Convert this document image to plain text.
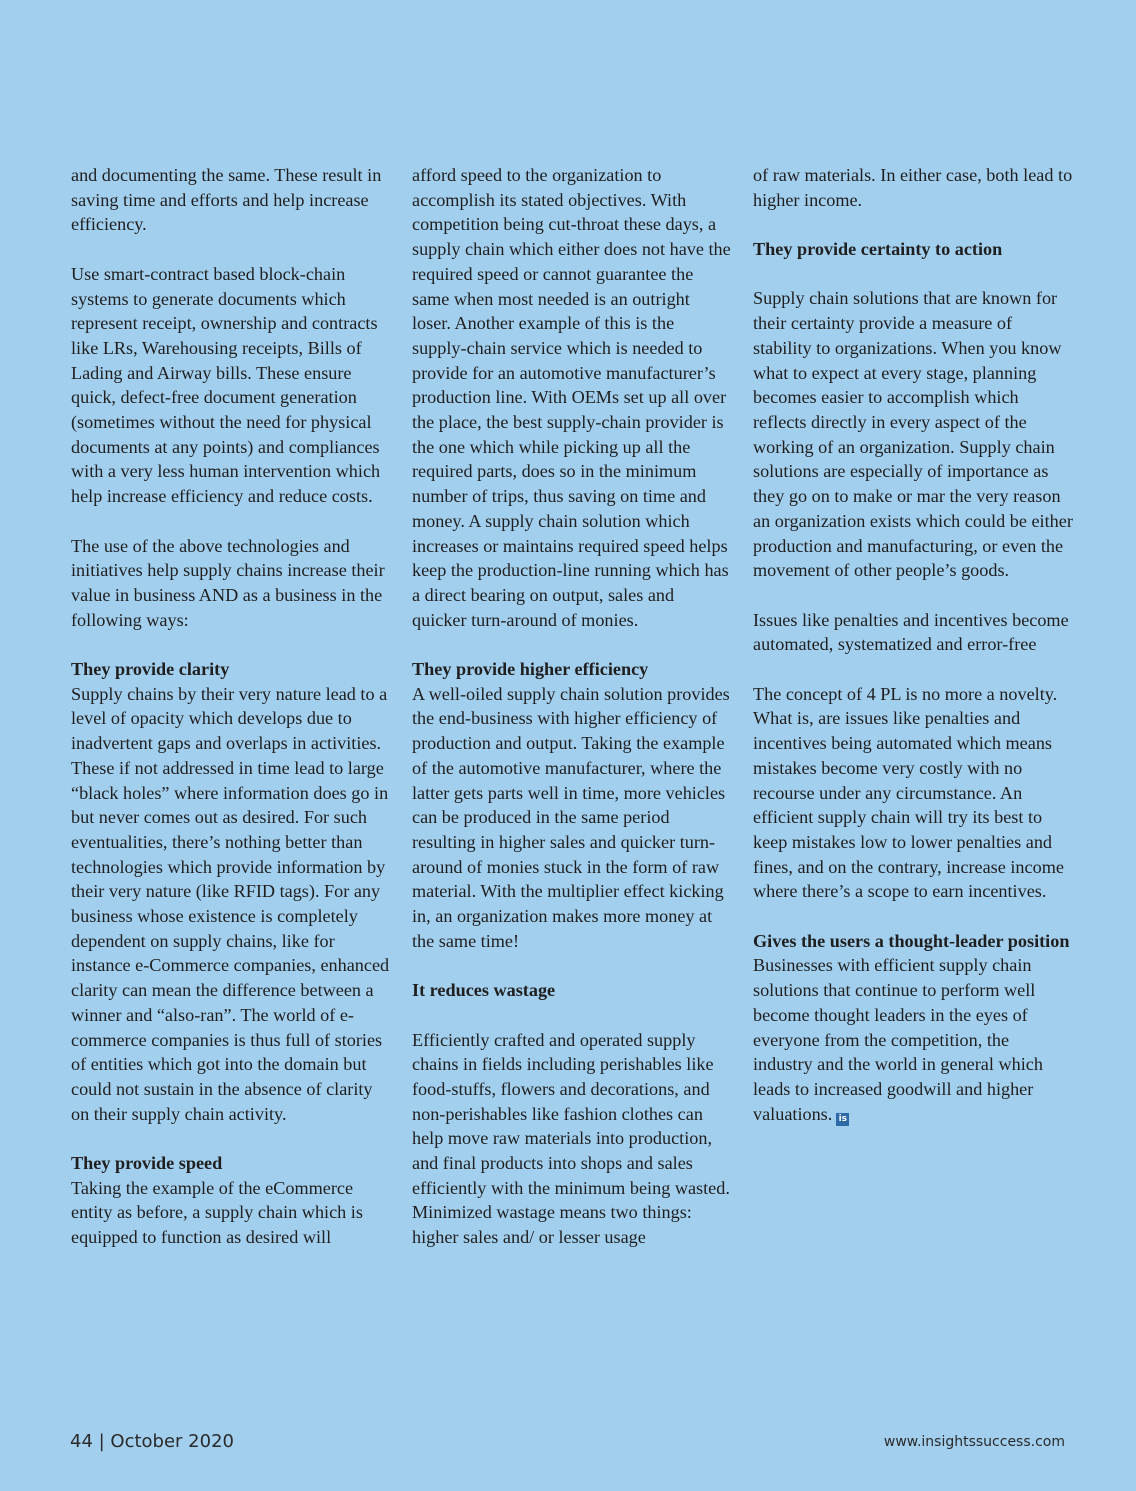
and documenting the same. These result in saving time and efforts and help increase efficiency.

Use smart-contract based block-chain systems to generate documents which represent receipt, ownership and contracts like LRs, Warehousing receipts, Bills of Lading and Airway bills. These ensure quick, defect-free document generation (sometimes without the need for physical documents at any points) and compliances with a very less human intervention which help increase efficiency and reduce costs.

The use of the above technologies and initiatives help supply chains increase their value in business AND as a business in the following ways:

They provide clarity

Supply chains by their very nature lead to a level of opacity which develops due to inadvertent gaps and overlaps in activities. These if not addressed in time lead to large “black holes” where information does go in but never comes out as desired. For such eventualities, there’s nothing better than technologies which provide information by their very nature (like RFID tags). For any business whose existence is completely dependent on supply chains, like for instance e-Commerce companies, enhanced clarity can mean the difference between a winner and “also-ran”. The world of e-commerce companies is thus full of stories of entities which got into the domain but could not sustain in the absence of clarity on their supply chain activity.

They provide speed

Taking the example of the eCommerce entity as before, a supply chain which is equipped to function as desired will

afford speed to the organization to accomplish its stated objectives. With competition being cut-throat these days, a supply chain which either does not have the required speed or cannot guarantee the same when most needed is an outright loser. Another example of this is the supply-chain service which is needed to provide for an automotive manufacturer’s production line. With OEMs set up all over the place, the best supply-chain provider is the one which while picking up all the required parts, does so in the minimum number of trips, thus saving on time and money. A supply chain solution which increases or maintains required speed helps keep the production-line running which has a direct bearing on output, sales and quicker turn-around of monies.

They provide higher efficiency

A well-oiled supply chain solution provides the end-business with higher efficiency of production and output. Taking the example of the automotive manufacturer, where the latter gets parts well in time, more vehicles can be produced in the same period resulting in higher sales and quicker turn-around of monies stuck in the form of raw material. With the multiplier effect kicking in, an organization makes more money at the same time!

It reduces wastage

Efficiently crafted and operated supply chains in fields including perishables like food-stuffs, flowers and decorations, and non-perishables like fashion clothes can help move raw materials into production, and final products into shops and sales efficiently with the minimum being wasted. Minimized wastage means two things: higher sales and/ or lesser usage

of raw materials. In either case, both lead to higher income.

They provide certainty to action

Supply chain solutions that are known for their certainty provide a measure of stability to organizations. When you know what to expect at every stage, planning becomes easier to accomplish which reflects directly in every aspect of the working of an organization. Supply chain solutions are especially of importance as they go on to make or mar the very reason an organization exists which could be either production and manufacturing, or even the movement of other people’s goods.

Issues like penalties and incentives become automated, systematized and error-free

The concept of 4 PL is no more a novelty. What is, are issues like penalties and incentives being automated which means mistakes become very costly with no recourse under any circumstance. An efficient supply chain will try its best to keep mistakes low to lower penalties and fines, and on the contrary, increase income where there’s a scope to earn incentives.

Gives the users a thought-leader position

Businesses with efficient supply chain solutions that continue to perform well become thought leaders in the eyes of everyone from the competition, the industry and the world in general which leads to increased goodwill and higher valuations. is

44 | October 2020	www.insightssuccess.com
